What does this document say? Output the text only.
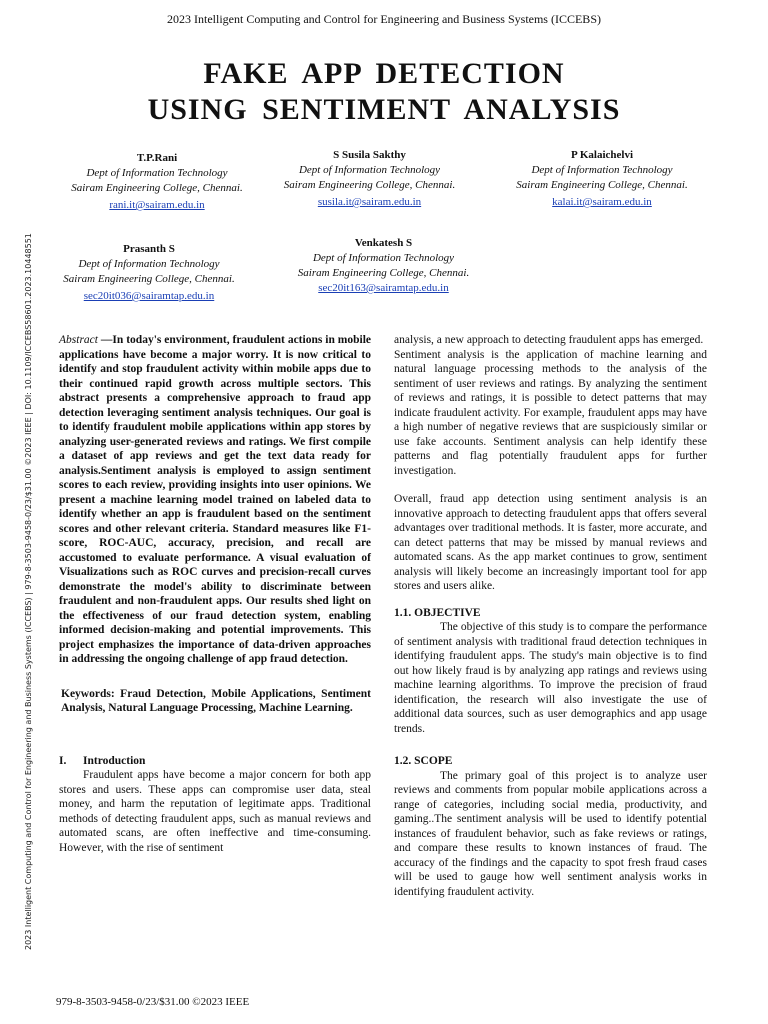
2023 Intelligent Computing and Control for Engineering and Business Systems (ICCEBS)
FAKE APP DETECTION
USING SENTIMENT ANALYSIS
T.P.Rani
Dept of Information Technology
Sairam Engineering College, Chennai.
rani.it@sairam.edu.in
S Susila Sakthy
Dept of Information Technology
Sairam Engineering College, Chennai.
susila.it@sairam.edu.in
P Kalaichelvi
Dept of Information Technology
Sairam Engineering College, Chennai.
kalai.it@sairam.edu.in
Prasanth S
Dept of Information Technology
Sairam Engineering College, Chennai.
sec20it036@sairamtap.edu.in
Venkatesh S
Dept of Information Technology
Sairam Engineering College, Chennai.
sec20it163@sairamtap.edu.in
2023 Intelligent Computing and Control for Engineering and Business Systems (ICCEBS) | 979-8-3503-9458-0/23/$31.00 ©2023 IEEE | DOI: 10.1109/ICCEBS58601.2023.10448551 Abstract —In today's environment, fraudulent actions in mobile applications have become a major worry. It is now critical to identify and stop fraudulent activity within mobile apps due to their continued rapid growth across multiple sectors. This abstract presents a comprehensive approach to fraud app detection leveraging sentiment analysis techniques. Our goal is to identify fraudulent mobile applications within app stores by analyzing user-generated reviews and ratings. We first compile a dataset of app reviews and get the text data ready for analysis.Sentiment analysis is employed to assign sentiment scores to each review, providing insights into user opinions. We present a machine learning model trained on labeled data to identify whether an app is fraudulent based on the sentiment scores and other relevant criteria. Standard measures like F1-score, ROC-AUC, accuracy, precision, and recall are accustomed to evaluate performance. A visual evaluation of Visualizations such as ROC curves and precision-recall curves demonstrate the model's ability to discriminate between fraudulent and non-fraudulent apps. Our results shed light on the effectiveness of our fraud detection system, enabling informed decision-making and potential improvements. This project emphasizes the importance of data-driven approaches in addressing the ongoing challenge of app fraud detection.

Keywords: Fraud Detection, Mobile Applications, Sentiment Analysis, Natural Language Processing, Machine Learning.

I. Introduction

Fraudulent apps have become a major concern for both app stores and users. These apps can compromise user data, steal money, and harm the reputation of legitimate apps. Traditional methods of detecting fraudulent apps, such as manual reviews and automated scans, are often ineffective and time-consuming. However, with the rise of sentiment

analysis, a new approach to detecting fraudulent apps has emerged.

Sentiment analysis is the application of machine learning and natural language processing methods to the analysis of the sentiment of user reviews and ratings. By analyzing the sentiment of reviews and ratings, it is possible to detect patterns that may indicate fraudulent activity. For example, fraudulent apps may have a high number of negative reviews that are suspiciously similar or use fake accounts. Sentiment analysis can help identify these patterns and flag potentially fraudulent apps for further investigation.

Overall, fraud app detection using sentiment analysis is an innovative approach to detecting fraudulent apps that offers several advantages over traditional methods. It is faster, more accurate, and can detect patterns that may be missed by manual reviews and automated scans. As the app market continues to grow, sentiment analysis will likely become an increasingly important tool for app stores and users alike.

1.1. OBJECTIVE

The objective of this study is to compare the performance of sentiment analysis with traditional fraud detection techniques in identifying fraudulent apps. The study's main objective is to find out how likely fraud is by analyzing app ratings and reviews using machine learning algorithms. To improve the precision of fraud identification, the research will also investigate the use of additional data sources, such as user demographics and app usage trends.

1.2. SCOPE

The primary goal of this project is to analyze user reviews and comments from popular mobile applications across a range of categories, including social media, productivity, and gaming..The sentiment analysis will be used to identify potential instances of fraudulent behavior, such as fake reviews or ratings, and compare these results to known instances of fraud. The accuracy of the findings and the capacity to spot fresh fraud cases will be used to gauge how well sentiment analysis works in identifying fraudulent activity.

979-8-3503-9458-0/23/$31.00 ©2023 IEEE
